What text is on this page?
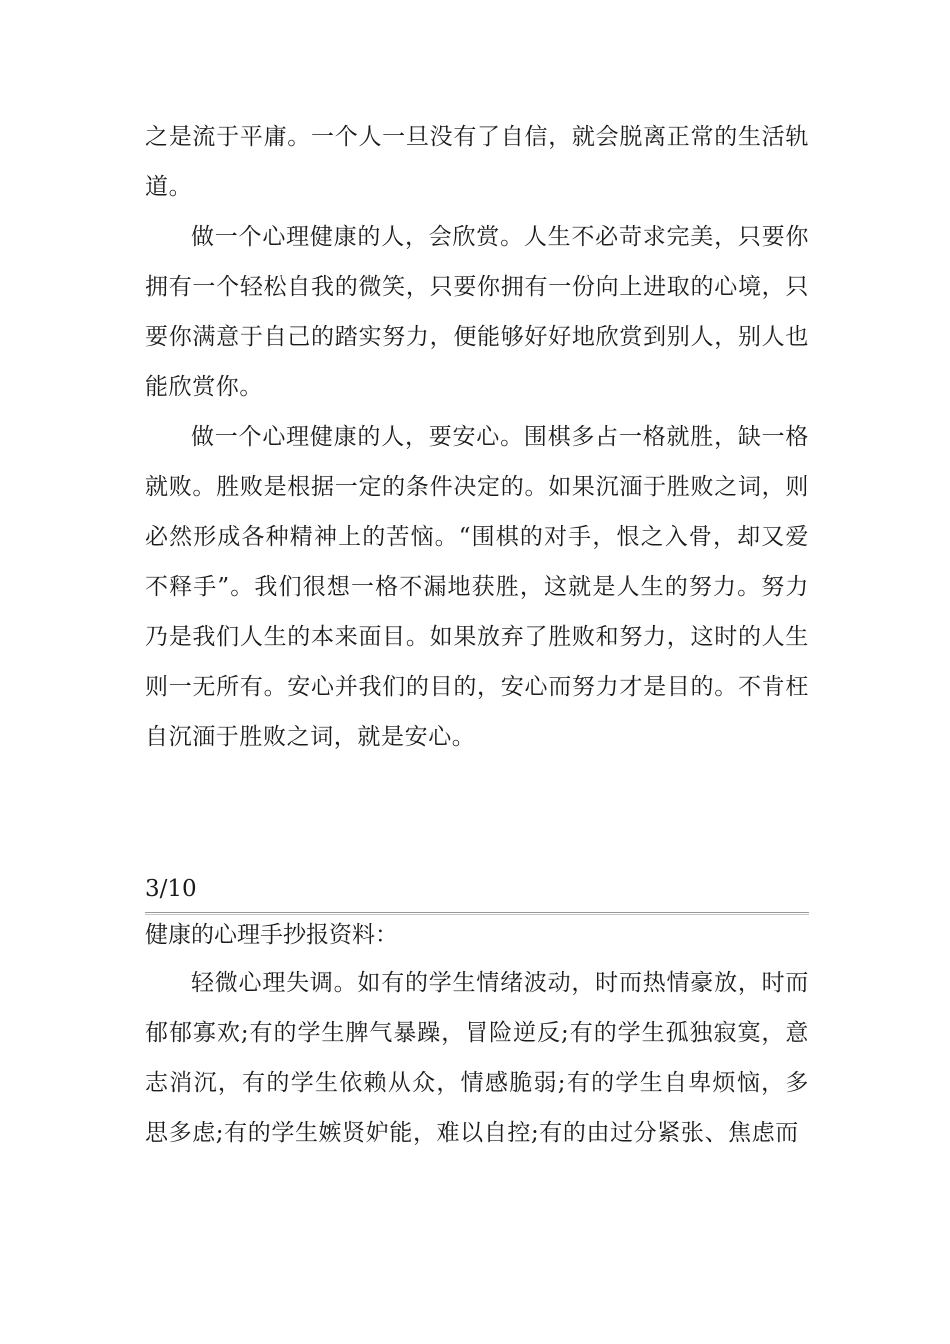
之是流于平庸。一个人一旦没有了自信，就会脱离正常的生活轨道。

做一个心理健康的人，会欣赏。人生不必苛求完美，只要你拥有一个轻松自我的微笑，只要你拥有一份向上进取的心境，只要你满意于自己的踏实努力，便能够好好地欣赏到别人，别人也能欣赏你。

做一个心理健康的人，要安心。围棋多占一格就胜，缺一格就败。胜败是根据一定的条件决定的。如果沉湎于胜败之词，则必然形成各种精神上的苦恼。“围棋的对手，恨之入骨，却又爱不释手”。我们很想一格不漏地获胜，这就是人生的努力。努力乃是我们人生的本来面目。如果放弃了胜败和努力，这时的人生则一无所有。安心并我们的目的，安心而努力才是目的。不肯枉自沉湎于胜败之词，就是安心。

3/10

健康的心理手抄报资料：

轻微心理失调。如有的学生情绪波动，时而热情豪放，时而郁郁寡欢;有的学生脾气暴躁，冒险逆反;有的学生孤独寂寞，意志消沉，有的学生依赖从众，情感脆弱;有的学生自卑烦恼，多思多虑;有的学生嫉贤妒能，难以自控;有的由过分紧张、焦虑而
